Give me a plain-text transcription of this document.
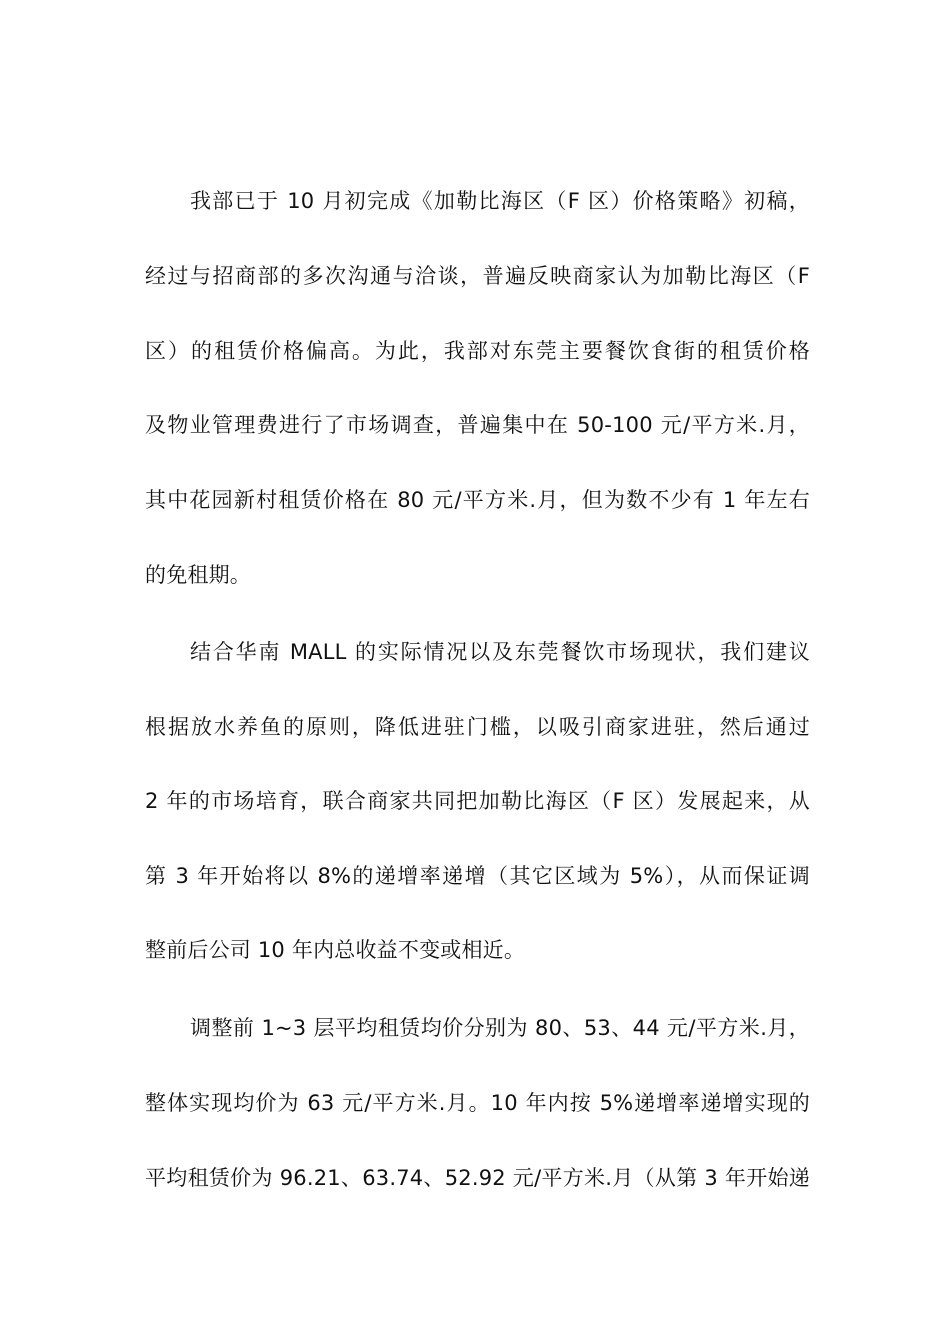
我部已于 10 月初完成《加勒比海区（F 区）价格策略》初稿，
经过与招商部的多次沟通与洽谈，普遍反映商家认为加勒比海区（F
区）的租赁价格偏高。为此，我部对东莞主要餐饮食街的租赁价格
及物业管理费进行了市场调查，普遍集中在 50-100 元/平方米.月，
其中花园新村租赁价格在 80 元/平方米.月，但为数不少有 1 年左右
的免租期。
结合华南 MALL 的实际情况以及东莞餐饮市场现状，我们建议
根据放水养鱼的原则，降低进驻门槛，以吸引商家进驻，然后通过
2 年的市场培育，联合商家共同把加勒比海区（F 区）发展起来，从
第 3 年开始将以 8%的递增率递增（其它区域为 5%），从而保证调
整前后公司 10 年内总收益不变或相近。
调整前 1~3 层平均租赁均价分别为 80、53、44 元/平方米.月，
整体实现均价为 63 元/平方米.月。10 年内按 5%递增率递增实现的
平均租赁价为 96.21、63.74、52.92 元/平方米.月（从第 3 年开始递
